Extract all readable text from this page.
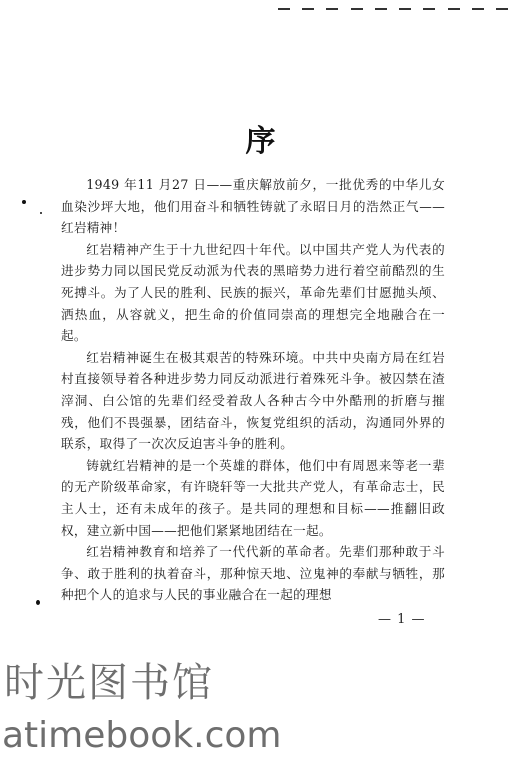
序

1949 年11 月27 日——重庆解放前夕，一批优秀的中华儿女血染沙坪大地，他们用奋斗和牺牲铸就了永昭日月的浩然正气——红岩精神！

红岩精神产生于十九世纪四十年代。以中国共产党人为代表的进步势力同以国民党反动派为代表的黑暗势力进行着空前酷烈的生死搏斗。为了人民的胜利、民族的振兴，革命先辈们甘愿抛头颅、洒热血，从容就义，把生命的价值同崇高的理想完全地融合在一起。

红岩精神诞生在极其艰苦的特殊环境。中共中央南方局在红岩村直接领导着各种进步势力同反动派进行着殊死斗争。被囚禁在渣滓洞、白公馆的先辈们经受着敌人各种古今中外酷刑的折磨与摧残，他们不畏强暴，团结奋斗，恢复党组织的活动，沟通同外界的联系，取得了一次次反迫害斗争的胜利。

铸就红岩精神的是一个英雄的群体，他们中有周恩来等老一辈的无产阶级革命家，有许晓轩等一大批共产党人，有革命志士，民主人士，还有未成年的孩子。是共同的理想和目标——推翻旧政权，建立新中国——把他们紧紧地团结在一起。

红岩精神教育和培养了一代代新的革命者。先辈们那种敢于斗争、敢于胜利的执着奋斗，那种惊天地、泣鬼神的奉献与牺牲，那种把个人的追求与人民的事业融合在一起的理想

— 1 —
时光图书馆
atimebook.com
